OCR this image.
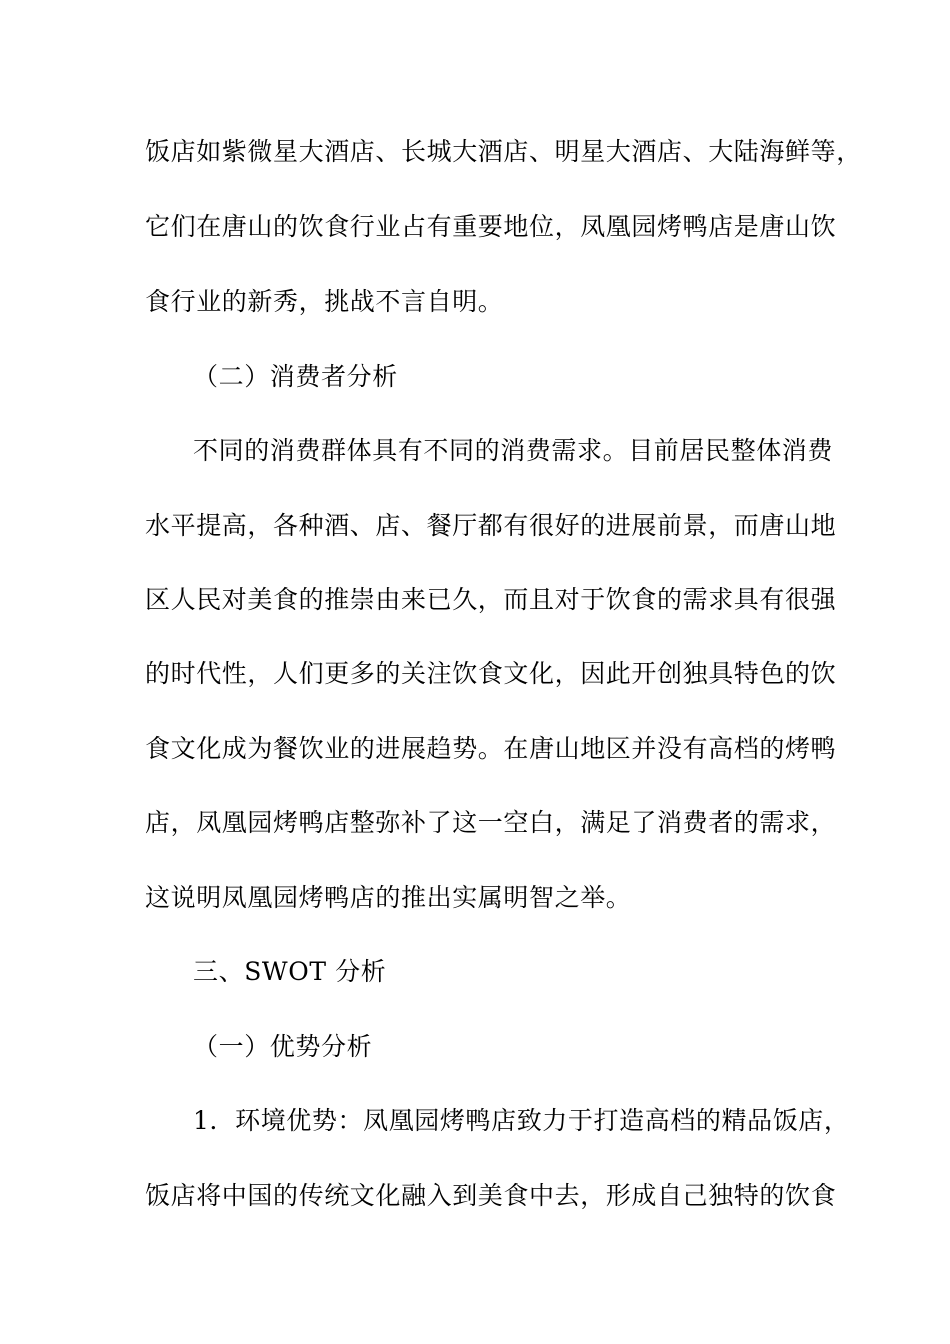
饭店如紫微星大酒店、长城大酒店、明星大酒店、大陆海鲜等，
它们在唐山的饮食行业占有重要地位，凤凰园烤鸭店是唐山饮
食行业的新秀，挑战不言自明。
（二）消费者分析
不同的消费群体具有不同的消费需求。目前居民整体消费
水平提高，各种酒、店、餐厅都有很好的进展前景，而唐山地
区人民对美食的推崇由来已久，而且对于饮食的需求具有很强
的时代性，人们更多的关注饮食文化，因此开创独具特色的饮
食文化成为餐饮业的进展趋势。在唐山地区并没有高档的烤鸭
店，凤凰园烤鸭店整弥补了这一空白，满足了消费者的需求，
这说明凤凰园烤鸭店的推出实属明智之举。
三、SWOT 分析
（一）优势分析
1．环境优势：凤凰园烤鸭店致力于打造高档的精品饭店，
饭店将中国的传统文化融入到美食中去，形成自己独特的饮食
